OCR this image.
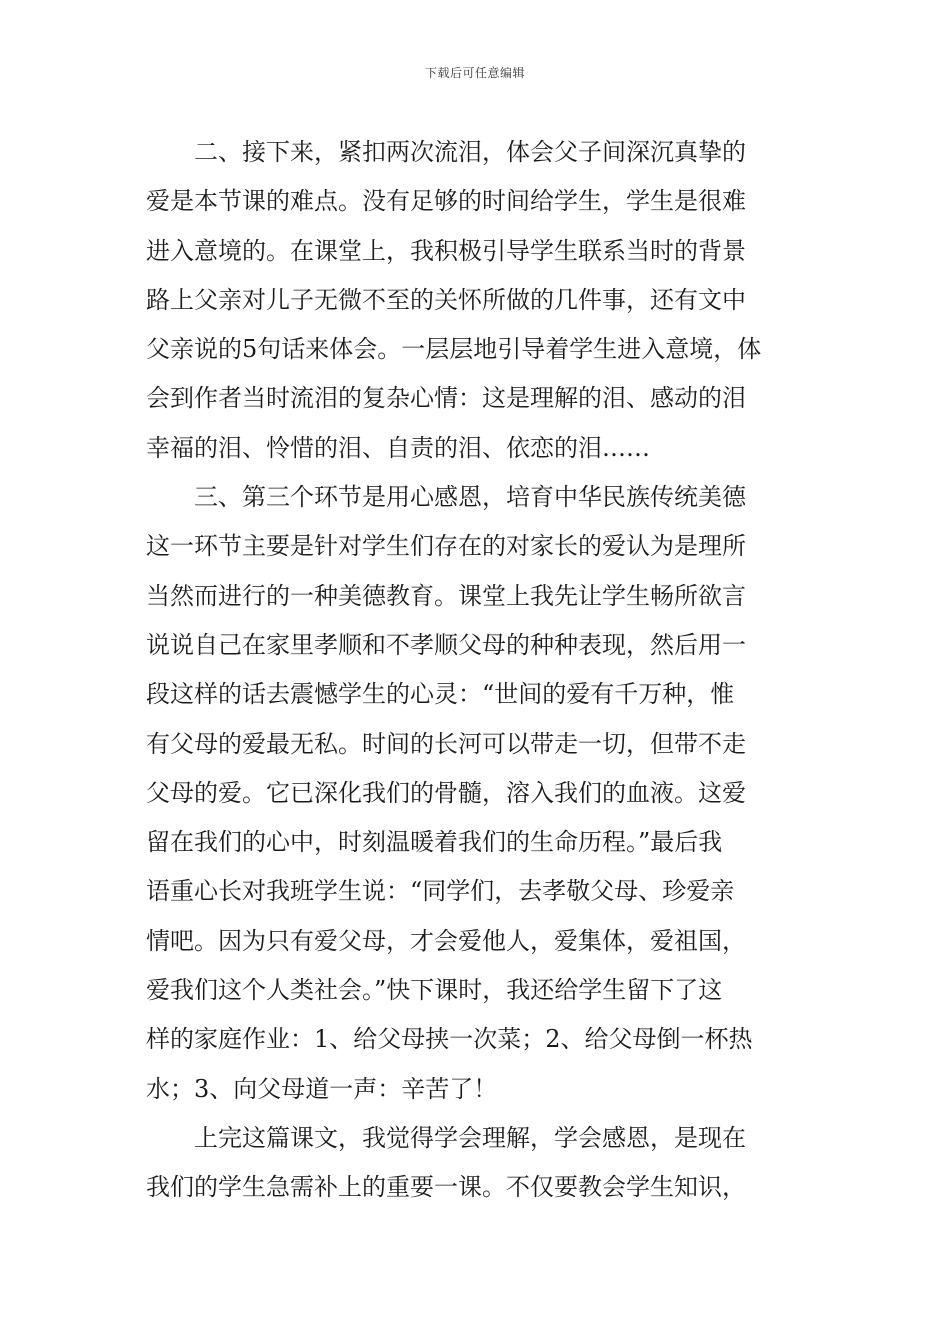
下载后可任意编辑
二、接下来，紧扣两次流泪，体会父子间深沉真挚的
爱是本节课的难点。没有足够的时间给学生，学生是很难
进入意境的。在课堂上，我积极引导学生联系当时的背景
路上父亲对儿子无微不至的关怀所做的几件事，还有文中
父亲说的5句话来体会。一层层地引导着学生进入意境，体
会到作者当时流泪的复杂心情：这是理解的泪、感动的泪
幸福的泪、怜惜的泪、自责的泪、依恋的泪……
三、第三个环节是用心感恩，培育中华民族传统美德
这一环节主要是针对学生们存在的对家长的爱认为是理所
当然而进行的一种美德教育。课堂上我先让学生畅所欲言
说说自己在家里孝顺和不孝顺父母的种种表现，然后用一
段这样的话去震憾学生的心灵：“世间的爱有千万种，惟
有父母的爱最无私。时间的长河可以带走一切，但带不走
父母的爱。它已深化我们的骨髓，溶入我们的血液。这爱
留在我们的心中，时刻温暖着我们的生命历程。”最后我
语重心长对我班学生说：“同学们，去孝敬父母、珍爱亲
情吧。因为只有爱父母，才会爱他人，爱集体，爱祖国，
爱我们这个人类社会。”快下课时，我还给学生留下了这
样的家庭作业：1、给父母挟一次菜；2、给父母倒一杯热
水；3、向父母道一声：辛苦了！
上完这篇课文，我觉得学会理解，学会感恩，是现在
我们的学生急需补上的重要一课。不仅要教会学生知识，
